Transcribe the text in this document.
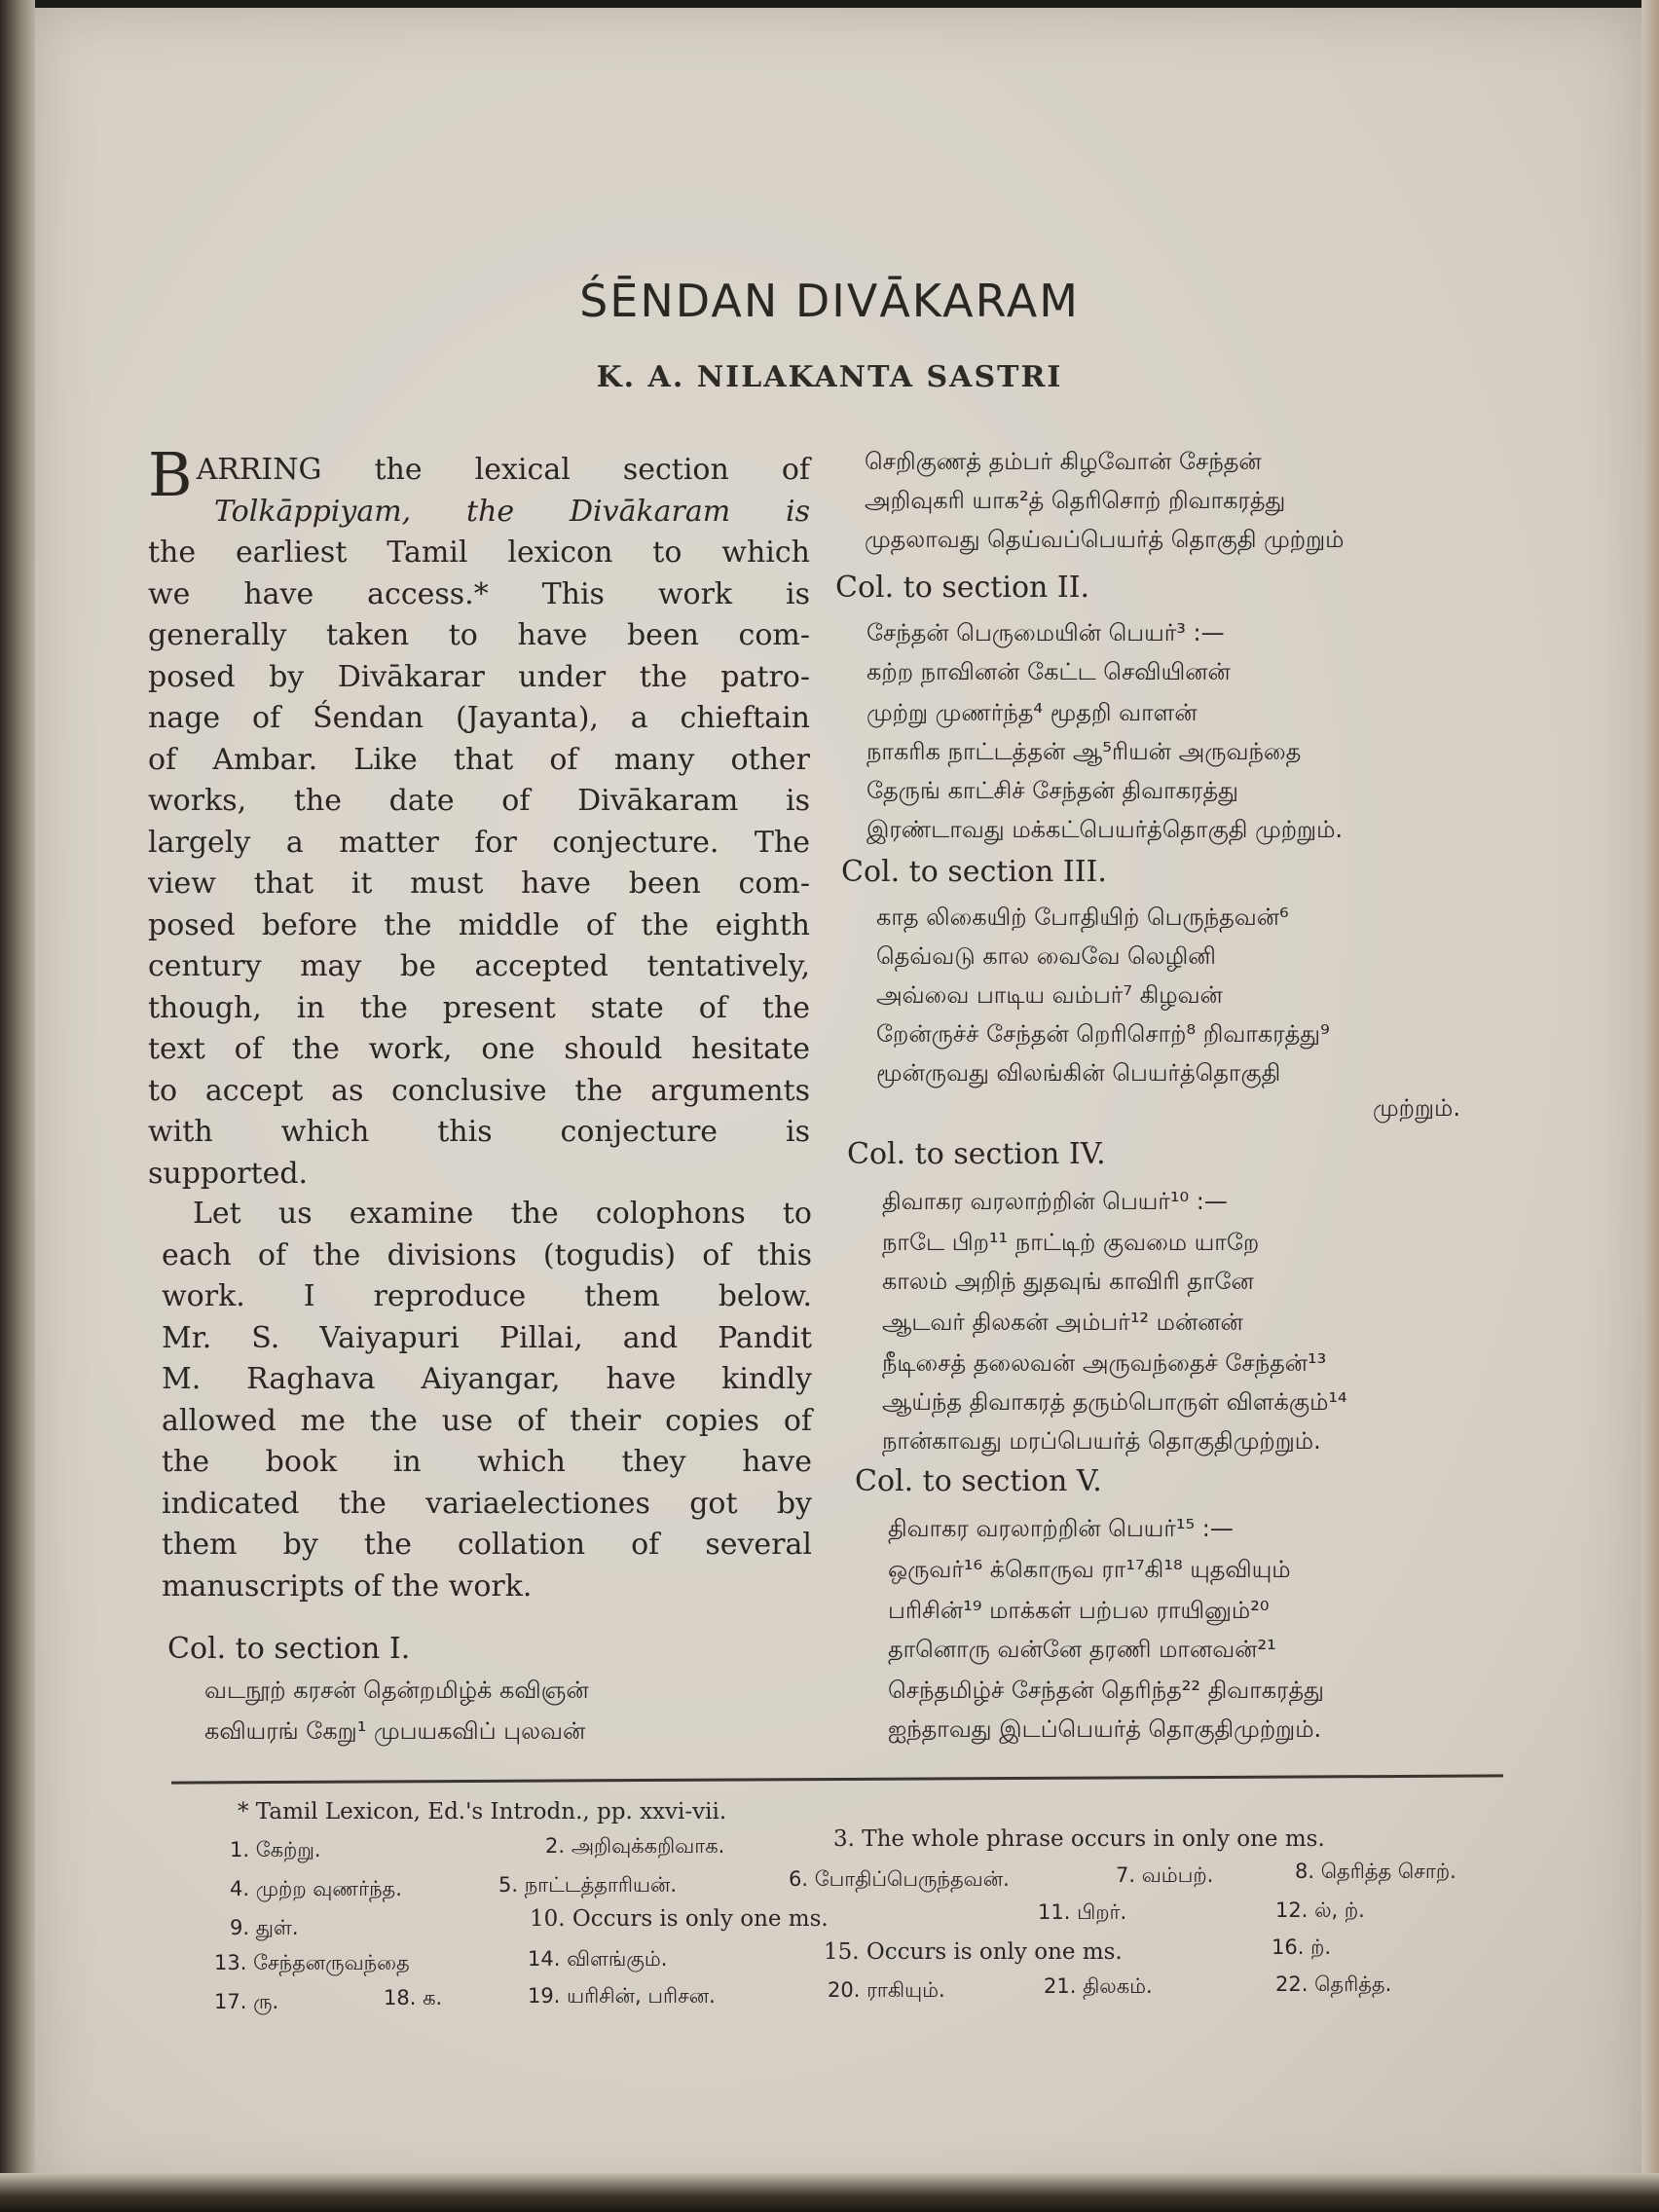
ŚĒNDAN DIVĀKARAM
K. A. NILAKANTA SASTRI
BARRING the lexical section of
Tolkāppiyam, the Divākaram is
the earliest Tamil lexicon to which
we have access.* This work is
generally taken to have been com-
posed by Divākarar under the patro-
nage of Śendan (Jayanta), a chieftain
of Ambar. Like that of many other
works, the date of Divākaram is
largely a matter for conjecture. The
view that it must have been com-
posed before the middle of the eighth
century may be accepted tentatively,
though, in the present state of the
text of the work, one should hesitate
to accept as conclusive the arguments
with which this conjecture is
supported.
Let us examine the colophons to
each of the divisions (togudis) of this
work. I reproduce them below.
Mr. S. Vaiyapuri Pillai, and Pandit
M. Raghava Aiyangar, have kindly
allowed me the use of their copies of
the book in which they have
indicated the variaelectiones got by
them by the collation of several
manuscripts of the work.
Col. to section I.
வடநூற் கரசன் தென்றமிழ்க் கவிஞன்
கவியரங் கேறு¹ முபயகவிப் புலவன்
செறிகுணத் தம்பர் கிழவோன் சேந்தன்
அறிவுகரி யாக²த் தெரிசொற் றிவாகரத்து
முதலாவது தெய்வப்பெயர்த் தொகுதி முற்றும்
Col. to section II.
சேந்தன் பெருமையின் பெயர்³ :—
கற்ற நாவினன் கேட்ட செவியினன்
முற்று முணர்ந்த⁴ மூதறி வாளன்
நாகரிக நாட்டத்தன் ஆ⁵ரியன் அருவந்தை
தேருங் காட்சிச் சேந்தன் திவாகரத்து
இரண்டாவது மக்கட்பெயர்த்தொகுதி முற்றும்.
Col. to section III.
காத லிகையிற் போதியிற் பெருந்தவன்⁶
தெவ்வடு கால வைவே லெழினி
அவ்வை பாடிய வம்பர்⁷ கிழவன்
றேன்ருச்ச் சேந்தன் றெரிசொற்⁸ றிவாகரத்து⁹
மூன்ருவது விலங்கின் பெயர்த்தொகுதி
முற்றும்.
Col. to section IV.
திவாகர வரலாற்றின் பெயர்¹⁰ :—
நாடே பிற¹¹ நாட்டிற் குவமை யாறே
காலம் அறிந் துதவுங் காவிரி தானே
ஆடவர் திலகன் அம்பர்¹² மன்னன்
நீடிசைத் தலைவன் அருவந்தைச் சேந்தன்¹³
ஆய்ந்த திவாகரத் தரும்பொருள் விளக்கும்¹⁴
நான்காவது மரப்பெயர்த் தொகுதிமுற்றும்.
Col. to section V.
திவாகர வரலாற்றின் பெயர்¹⁵ :—
ஒருவர்¹⁶ க்கொருவ ரா¹⁷கி¹⁸ யுதவியும்
பரிசின்¹⁹ மாக்கள் பற்பல ராயினும்²⁰
தானொரு வன்னே தரணி மானவன்²¹
செந்தமிழ்ச் சேந்தன் தெரிந்த²² திவாகரத்து
ஐந்தாவது இடப்பெயர்த் தொகுதிமுற்றும்.
* Tamil Lexicon, Ed.'s Introdn., pp. xxvi-vii.
1. கேற்று.	2. அறிவுக்கறிவாக.	3. The whole phrase occurs in only one ms.
4. முற்ற வுணர்ந்த.	5. நாட்டத்தாரியன்.	6. போதிப்பெருந்தவன்.	7. வம்பற்.	8. தெரித்த சொற்.
9. துள்.	10. Occurs is only one ms.	11. பிறர்.	12. ல், ற்.
13. சேந்தனருவந்தை	14. விளங்கும்.	15. Occurs is only one ms.	16. ற்.
17. ரு.	18. க.	19. யரிசின், பரிசன.	20. ராகியும்.	21. திலகம்.	22. தெரித்த.
